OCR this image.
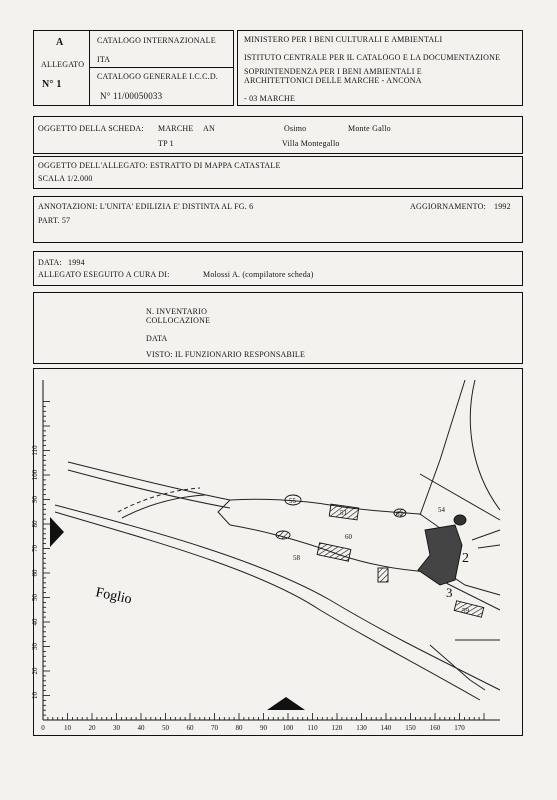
A
ALLEGATO
N° 1
CATALOGO INTERNAZIONALE
ITA
CATALOGO GENERALE I.C.C.D.
N° 11/00050033
MINISTERO PER I BENI CULTURALI E AMBIENTALI
ISTITUTO CENTRALE PER IL CATALOGO E LA DOCUMENTAZIONE
SOPRINTENDENZA PER I BENI AMBIENTALI E
ARCHITETTONICI DELLE MARCHE - ANCONA
- 03 MARCHE
OGGETTO DELLA SCHEDA: MARCHE AN	Osimo	Monte Gallo
TP 1	Villa Montegallo
OGGETTO DELL'ALLEGATO: ESTRATTO DI MAPPA CATASTALE
SCALA 1/2.000
ANNOTAZIONI: L'UNITA' EDILIZIA E' DISTINTA AL FG. 6
PART. 57
AGGIORNAMENTO: 1992
DATA: 1994
ALLEGATO ESEGUITO A CURA DI:	Molossi A. (compilatore scheda)
N. INVENTARIO
COLLOCAZIONE
DATA
VISTO: IL FUNZIONARIO RESPONSABILE
55
51	62	54
60
58	2
3
59
Foglio
0	10	20	30	40	50	60	70	80	90 100 110 120 130 140 150 160 170
10
20
30
40
50
60
70
80
90
100
110
